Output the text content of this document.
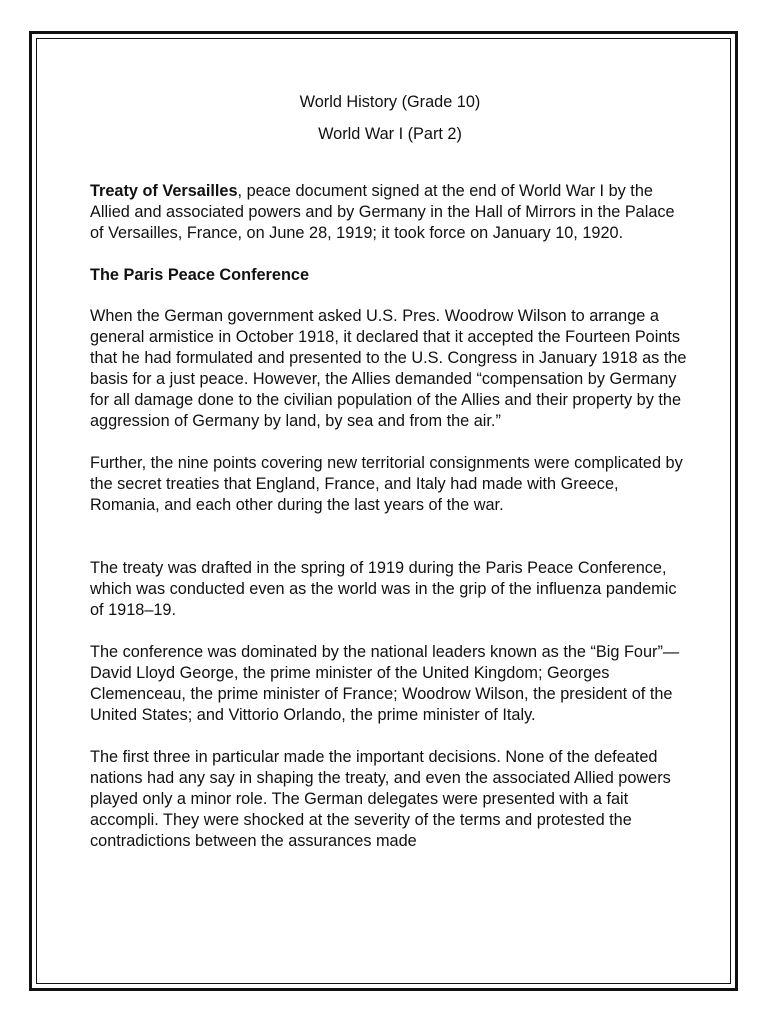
World History (Grade 10)
World War I (Part 2)

Treaty of Versailles, peace document signed at the end of World War I by the Allied and associated powers and by Germany in the Hall of Mirrors in the Palace of Versailles, France, on June 28, 1919; it took force on January 10, 1920.

The Paris Peace Conference

When the German government asked U.S. Pres. Woodrow Wilson to arrange a general armistice in October 1918, it declared that it accepted the Fourteen Points that he had formulated and presented to the U.S. Congress in January 1918 as the basis for a just peace. However, the Allies demanded “compensation by Germany for all damage done to the civilian population of the Allies and their property by the aggression of Germany by land, by sea and from the air.”

Further, the nine points covering new territorial consignments were complicated by the secret treaties that England, France, and Italy had made with Greece, Romania, and each other during the last years of the war.

The treaty was drafted in the spring of 1919 during the Paris Peace Conference, which was conducted even as the world was in the grip of the influenza pandemic of 1918–19.

The conference was dominated by the national leaders known as the “Big Four”—David Lloyd George, the prime minister of the United Kingdom; Georges Clemenceau, the prime minister of France; Woodrow Wilson, the president of the United States; and Vittorio Orlando, the prime minister of Italy.

The first three in particular made the important decisions. None of the defeated nations had any say in shaping the treaty, and even the associated Allied powers played only a minor role. The German delegates were presented with a fait accompli. They were shocked at the severity of the terms and protested the contradictions between the assurances made
